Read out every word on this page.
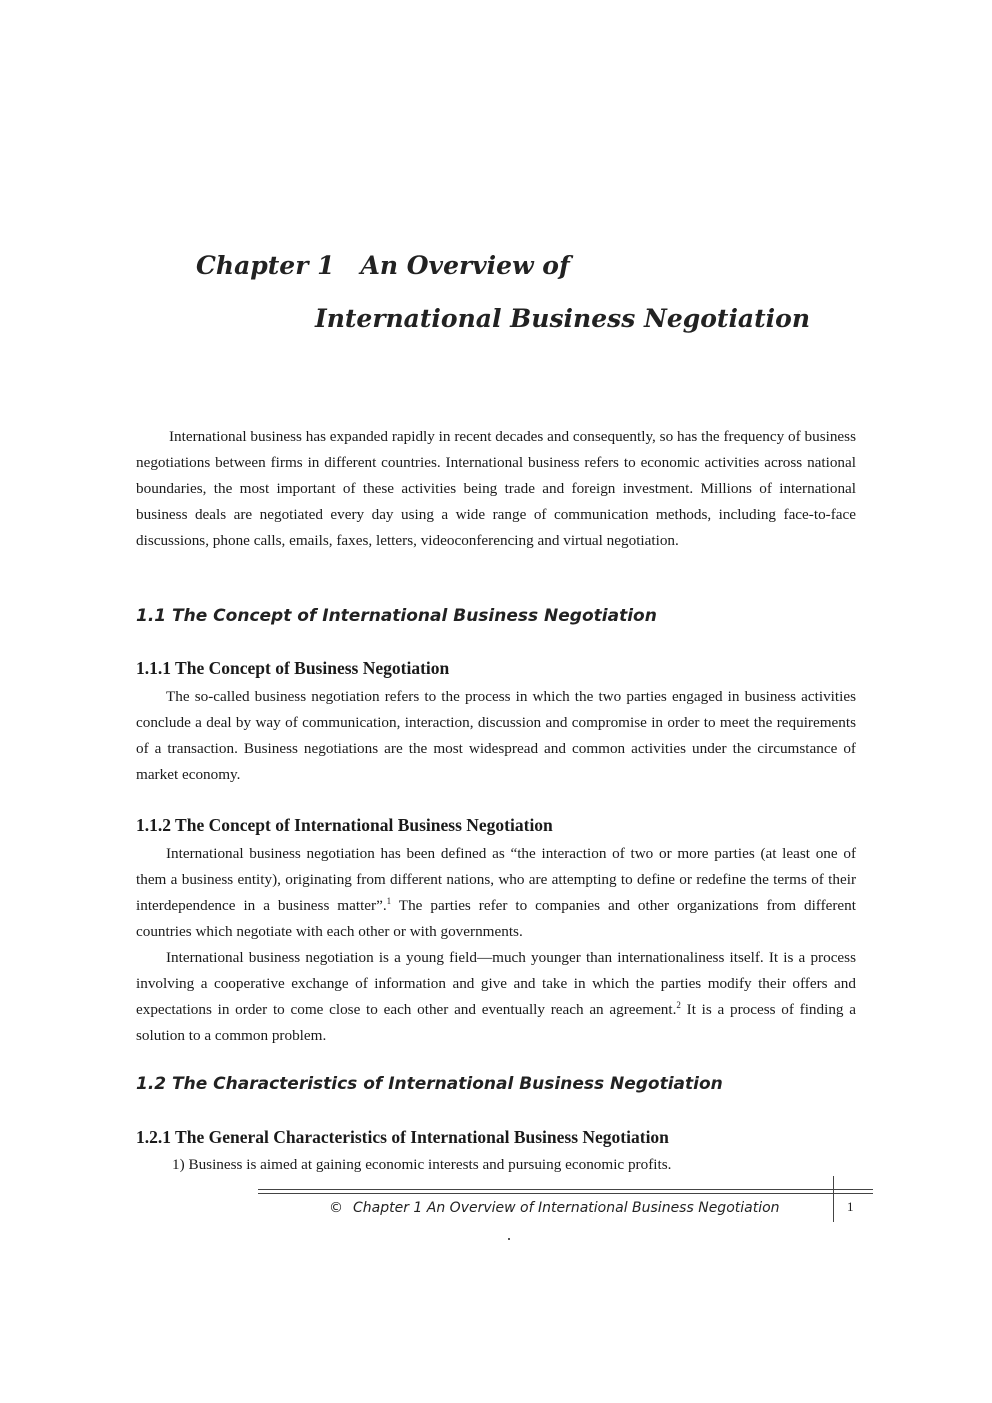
Chapter 1 An Overview of
International Business Negotiation

International business has expanded rapidly in recent decades and consequently, so has the frequency of business negotiations between firms in different countries. International business refers to economic activities across national boundaries, the most important of these activities being trade and foreign investment. Millions of international business deals are negotiated every day using a wide range of communication methods, including face-to-face discussions, phone calls, emails, faxes, letters, videoconferencing and virtual negotiation.

1.1 The Concept of International Business Negotiation
1.1.1 The Concept of Business Negotiation

The so-called business negotiation refers to the process in which the two parties engaged in business activities conclude a deal by way of communication, interaction, discussion and compromise in order to meet the requirements of a transaction. Business negotiations are the most widespread and common activities under the circumstance of market economy.

1.1.2 The Concept of International Business Negotiation

International business negotiation has been defined as “the interaction of two or more parties (at least one of them a business entity), originating from different nations, who are attempting to define or redefine the terms of their interdependence in a business matter”.$^1$ The parties refer to companies and other organizations from different countries which negotiate with each other or with governments.

International business negotiation is a young field—much younger than internationaliness itself. It is a process involving a cooperative exchange of information and give and take in which the parties modify their offers and expectations in order to come close to each other and eventually reach an agreement.$^2$ It is a process of finding a solution to a common problem.

1.2 The Characteristics of International Business Negotiation
1.2.1 The General Characteristics of International Business Negotiation

1) Business is aimed at gaining economic interests and pursuing economic profits.

© Chapter 1 An Overview of International Business Negotiation	1
